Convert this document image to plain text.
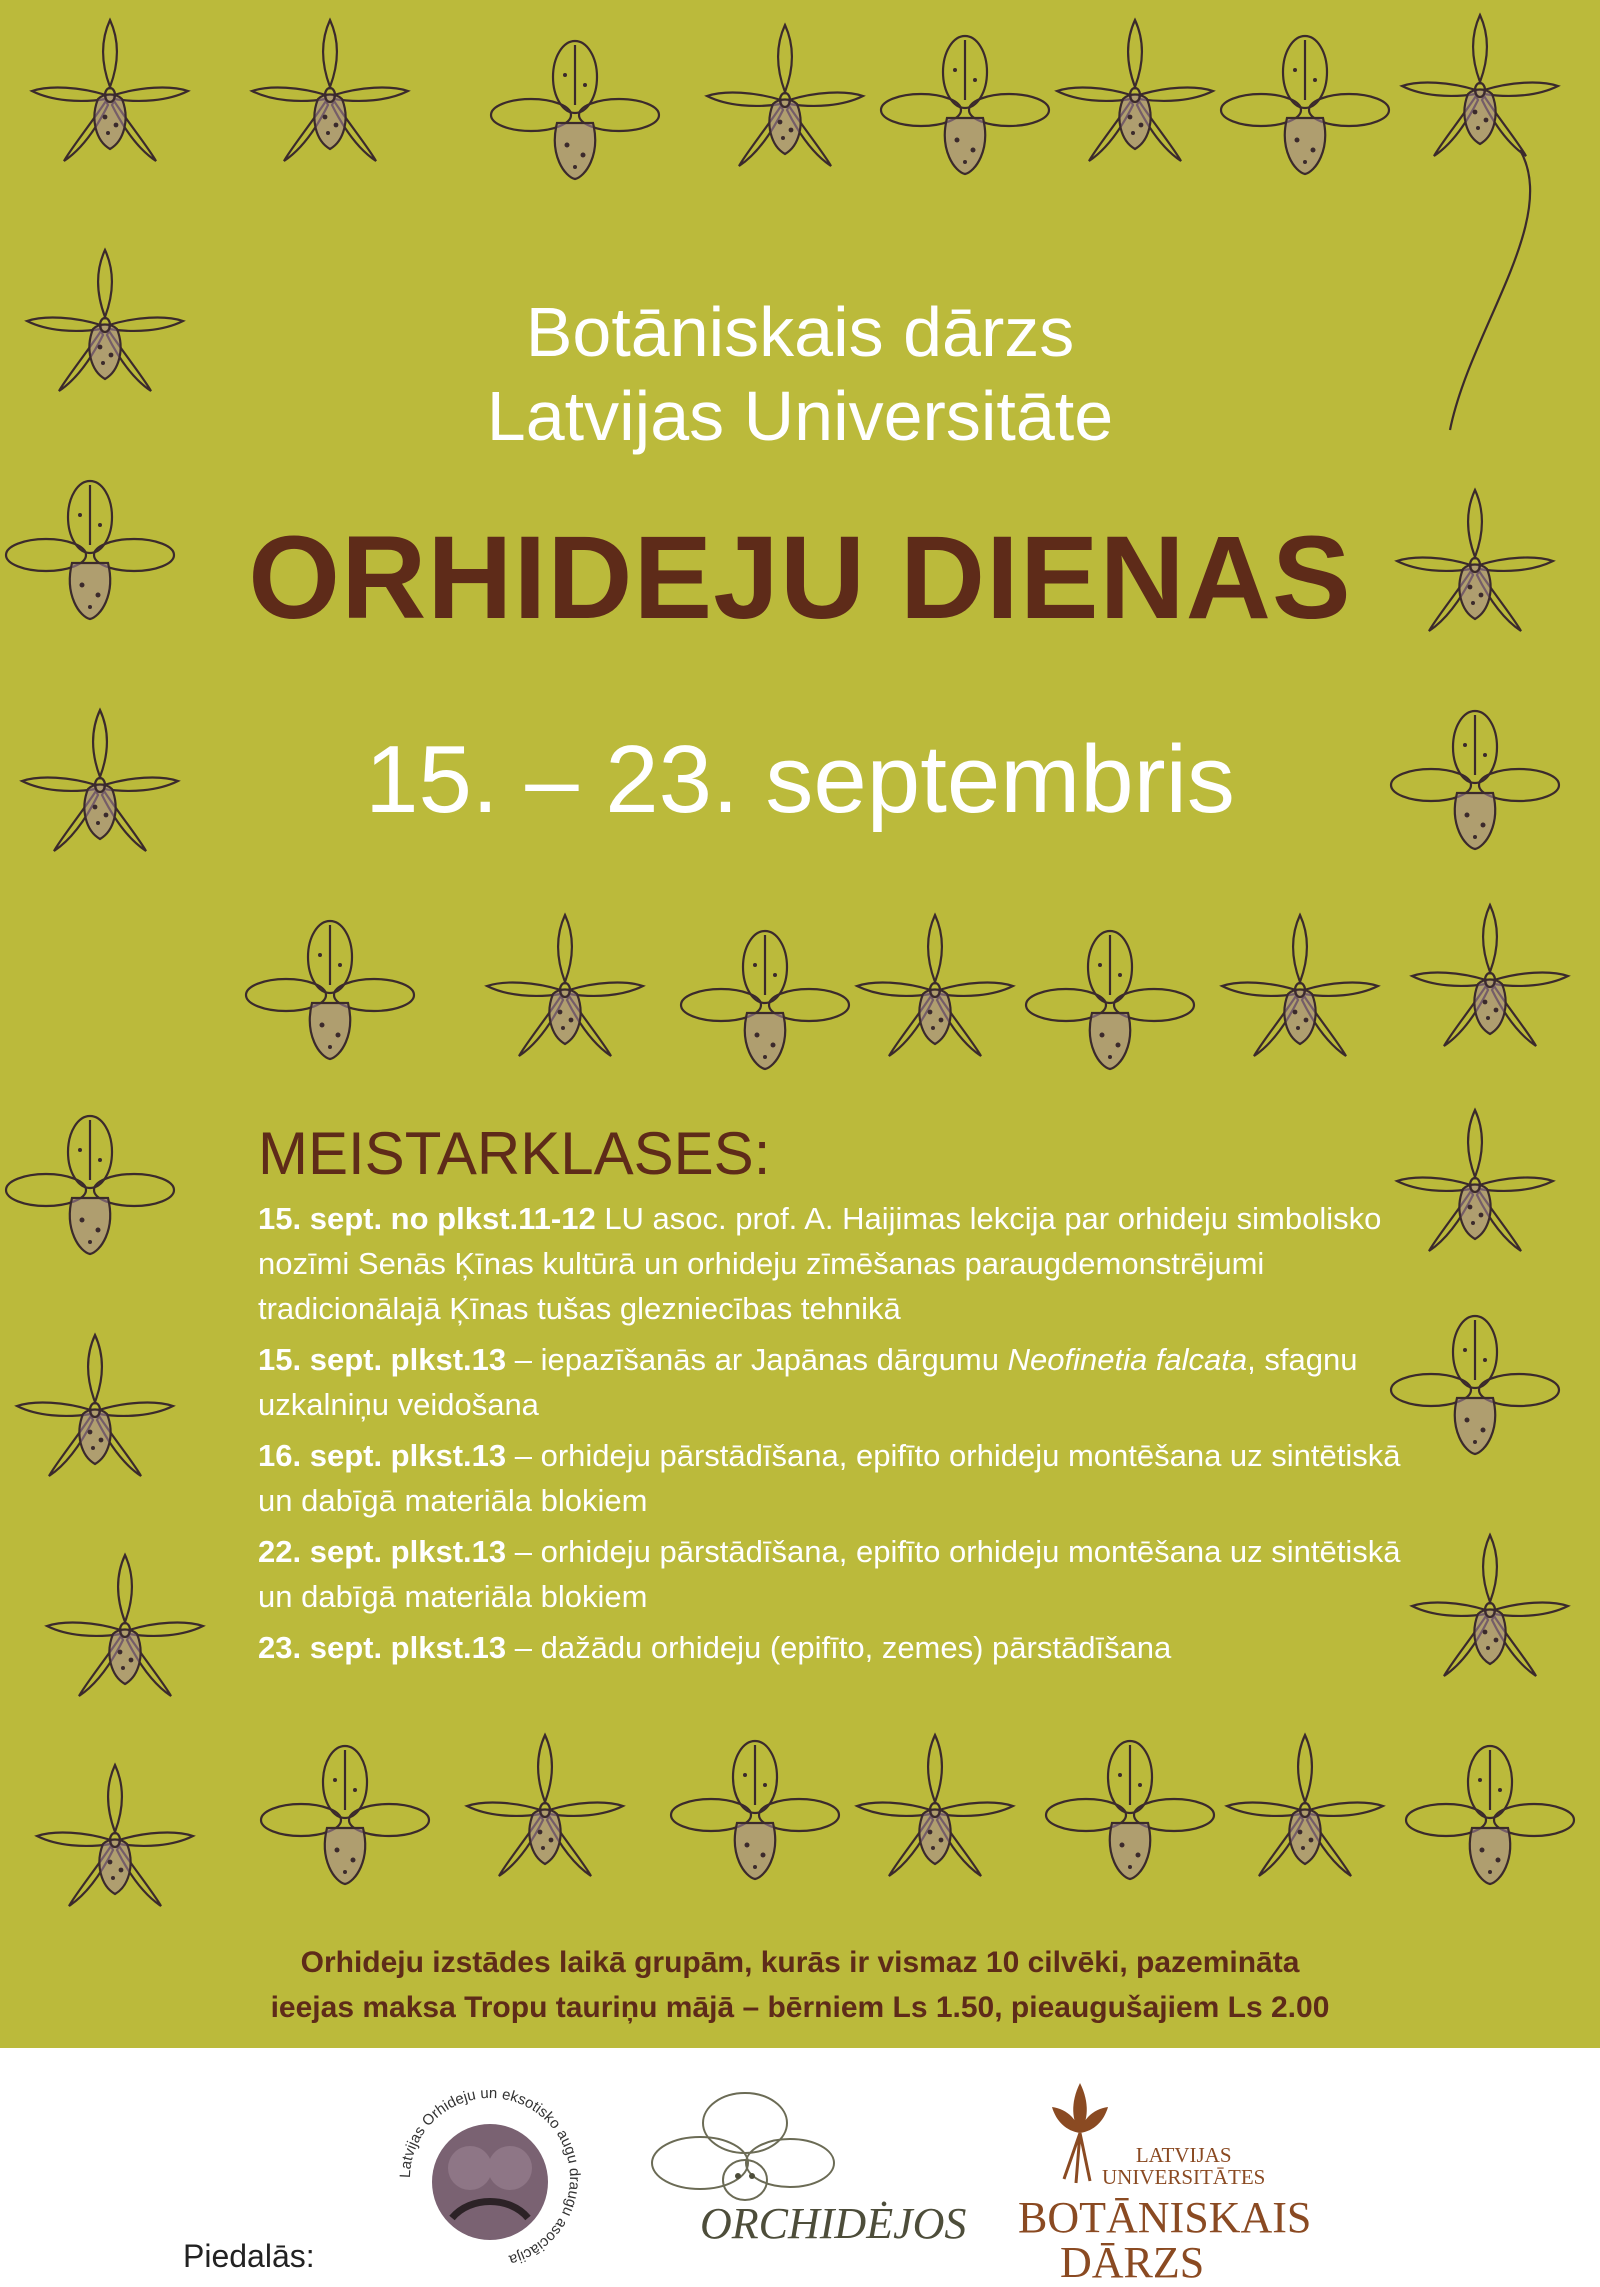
Botāniskais dārzs
Latvijas Universitāte
ORHIDEJU DIENAS
15. – 23. septembris
MEISTARKLASES:
15. sept. no plkst.11-12 LU asoc. prof. A. Haijimas lekcija par orhideju simbolisko nozīmi Senās Ķīnas kultūrā un orhideju zīmēšanas paraugdemonstrējumi tradicionālajā Ķīnas tušas glezniecības tehnikā
15. sept. plkst.13 – iepazīšanās ar Japānas dārgumu Neofinetia falcata, sfagnu uzkalniņu veidošana
16. sept. plkst.13 – orhideju pārstādīšana, epifīto orhideju montēšana uz sintētiskā un dabīgā materiāla blokiem
22. sept. plkst.13 – orhideju pārstādīšana, epifīto orhideju montēšana uz sintētiskā un dabīgā materiāla blokiem
23. sept. plkst.13 – dažādu orhideju (epifīto, zemes) pārstādīšana
Orhideju izstādes laikā grupām, kurās ir vismaz 10 cilvēki, pazemināta
ieejas maksa Tropu tauriņu mājā – bērniem Ls 1.50, pieaugušajiem Ls 2.00
Piedalās:
Latvijas Orhideju un eksotisko augu draugu asociācija
ORCHIDĖJOS
LATVIJAS
UNIVERSITĀTES
BOTĀNISKAIS
DĀRZS
